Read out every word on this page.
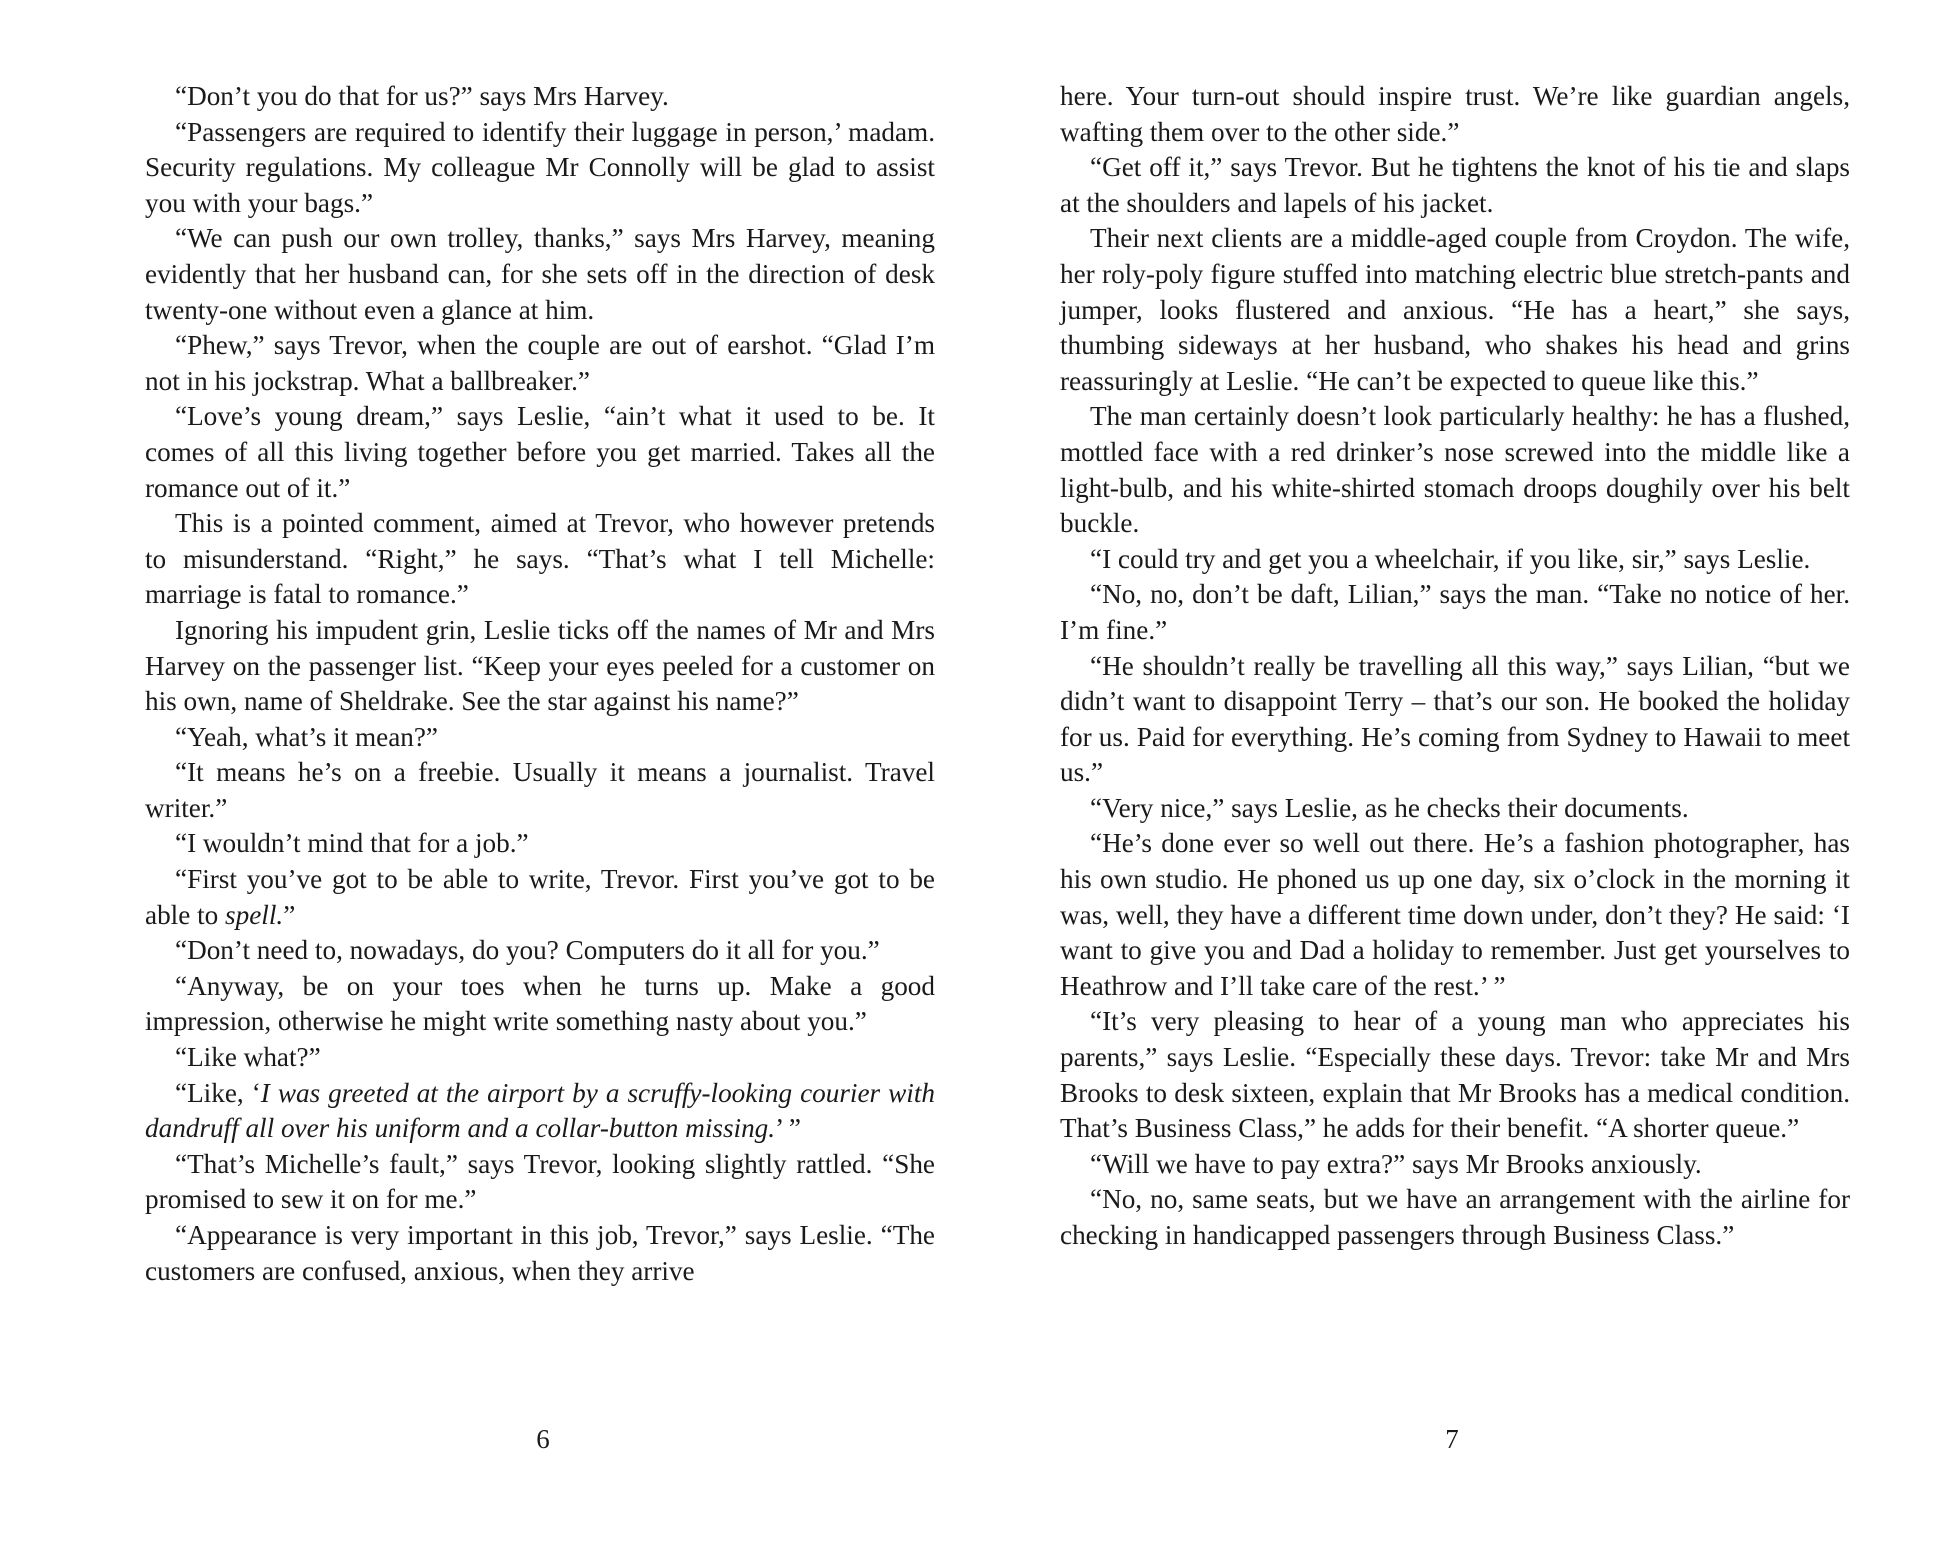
“Don’t you do that for us?” says Mrs Harvey.

“Passengers are required to identify their luggage in person,’ madam. Security regulations. My colleague Mr Connolly will be glad to assist you with your bags.”

“We can push our own trolley, thanks,” says Mrs Harvey, meaning evidently that her husband can, for she sets off in the direction of desk twenty-one without even a glance at him.

“Phew,” says Trevor, when the couple are out of earshot. “Glad I’m not in his jockstrap. What a ballbreaker.”

“Love’s young dream,” says Leslie, “ain’t what it used to be. It comes of all this living together before you get married. Takes all the romance out of it.”

This is a pointed comment, aimed at Trevor, who however pretends to misunderstand. “Right,” he says. “That’s what I tell Michelle: marriage is fatal to romance.”

Ignoring his impudent grin, Leslie ticks off the names of Mr and Mrs Harvey on the passenger list. “Keep your eyes peeled for a customer on his own, name of Sheldrake. See the star against his name?”

“Yeah, what’s it mean?”

“It means he’s on a freebie. Usually it means a journalist. Travel writer.”

“I wouldn’t mind that for a job.”

“First you’ve got to be able to write, Trevor. First you’ve got to be able to spell.”

“Don’t need to, nowadays, do you? Computers do it all for you.”

“Anyway, be on your toes when he turns up. Make a good impression, otherwise he might write something nasty about you.”

“Like what?”

“Like, ‘I was greeted at the airport by a scruffy-looking courier with dandruff all over his uniform and a collar-button missing.’ ”

“That’s Michelle’s fault,” says Trevor, looking slightly rattled. “She promised to sew it on for me.”

“Appearance is very important in this job, Trevor,” says Leslie. “The customers are confused, anxious, when they arrive

here. Your turn-out should inspire trust. We’re like guardian angels, wafting them over to the other side.”

“Get off it,” says Trevor. But he tightens the knot of his tie and slaps at the shoulders and lapels of his jacket.

Their next clients are a middle-aged couple from Croydon. The wife, her roly-poly figure stuffed into matching electric blue stretch-pants and jumper, looks flustered and anxious. “He has a heart,” she says, thumbing sideways at her husband, who shakes his head and grins reassuringly at Leslie. “He can’t be expected to queue like this.”

The man certainly doesn’t look particularly healthy: he has a flushed, mottled face with a red drinker’s nose screwed into the middle like a light-bulb, and his white-shirted stomach droops doughily over his belt buckle.

“I could try and get you a wheelchair, if you like, sir,” says Leslie.

“No, no, don’t be daft, Lilian,” says the man. “Take no notice of her. I’m fine.”

“He shouldn’t really be travelling all this way,” says Lilian, “but we didn’t want to disappoint Terry – that’s our son. He booked the holiday for us. Paid for everything. He’s coming from Sydney to Hawaii to meet us.”

“Very nice,” says Leslie, as he checks their documents.

“He’s done ever so well out there. He’s a fashion photographer, has his own studio. He phoned us up one day, six o’clock in the morning it was, well, they have a different time down under, don’t they? He said: ‘I want to give you and Dad a holiday to remember. Just get yourselves to Heathrow and I’ll take care of the rest.’ ”

“It’s very pleasing to hear of a young man who appreciates his parents,” says Leslie. “Especially these days. Trevor: take Mr and Mrs Brooks to desk sixteen, explain that Mr Brooks has a medical condition. That’s Business Class,” he adds for their benefit. “A shorter queue.”

“Will we have to pay extra?” says Mr Brooks anxiously.

“No, no, same seats, but we have an arrangement with the airline for checking in handicapped passengers through Business Class.”

6	7
